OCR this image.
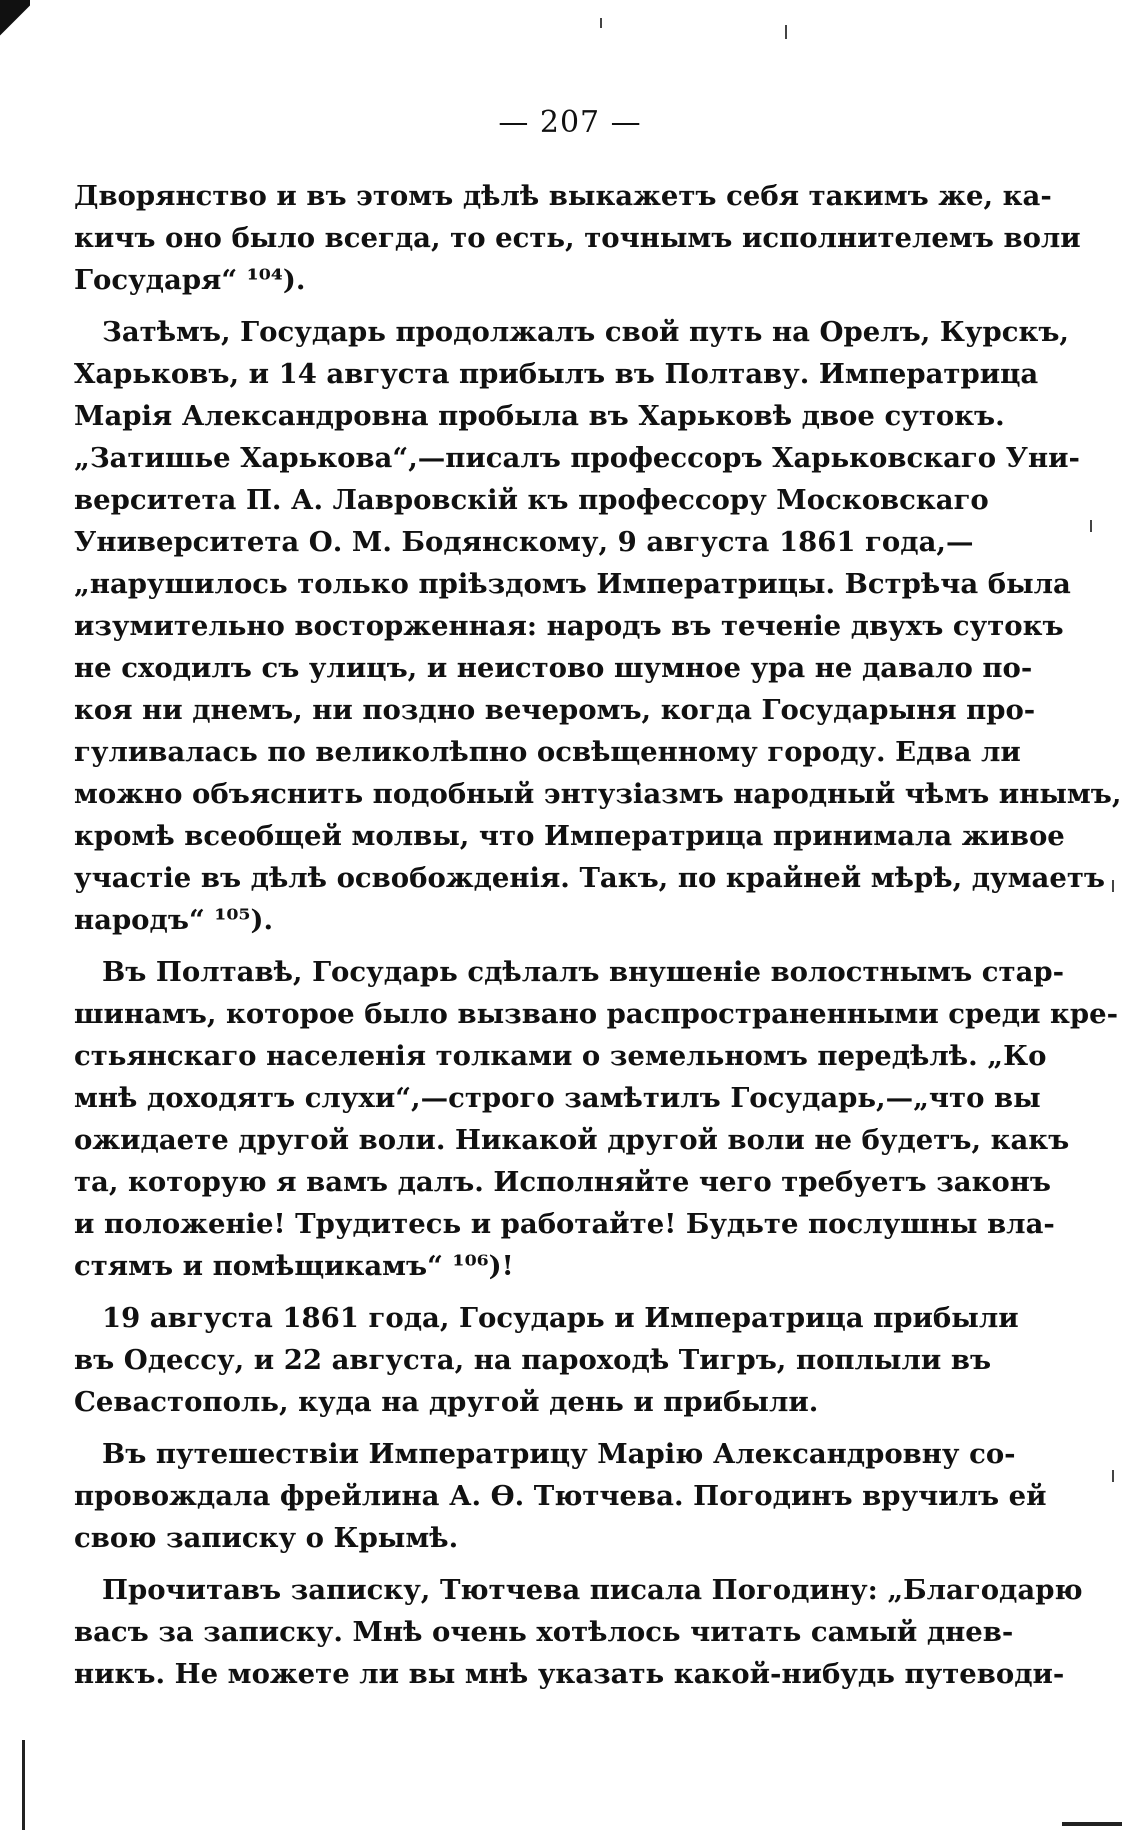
— 207 —
Дворянство и въ этомъ дѣлѣ выкажетъ себя такимъ же, ка-
кичъ оно было всегда, то есть, точнымъ исполнителемъ воли
Государя“ ¹⁰⁴).
Затѣмъ, Государь продолжалъ свой путь на Орелъ, Курскъ,
Харьковъ, и 14 августа прибылъ въ Полтаву. Императрица
Марія Александровна пробыла въ Харьковѣ двое сутокъ.
„Затишье Харькова“,—писалъ профессоръ Харьковскаго Уни-
верситета П. А. Лавровскій къ профессору Московскаго
Университета О. М. Бодянскому, 9 августа 1861 года,—
„нарушилось только пріѣздомъ Императрицы. Встрѣча была
изумительно восторженная: народъ въ теченіе двухъ сутокъ
не сходилъ съ улицъ, и неистово шумное ура не давало по-
коя ни днемъ, ни поздно вечеромъ, когда Государыня про-
гуливалась по великолѣпно освѣщенному городу. Едва ли
можно объяснить подобный энтузіазмъ народный чѣмъ инымъ,
кромѣ всеобщей молвы, что Императрица принимала живое
участіе въ дѣлѣ освобожденія. Такъ, по крайней мѣрѣ, думаетъ
народъ“ ¹⁰⁵).
Въ Полтавѣ, Государь сдѣлалъ внушеніе волостнымъ стар-
шинамъ, которое было вызвано распространенными среди кре-
стьянскаго населенія толками о земельномъ передѣлѣ. „Ко
мнѣ доходятъ слухи“,—строго замѣтилъ Государь,—„что вы
ожидаете другой воли. Никакой другой воли не будетъ, какъ
та, которую я вамъ далъ. Исполняйте чего требуетъ законъ
и положеніе! Трудитесь и работайте! Будьте послушны вла-
стямъ и помѣщикамъ“ ¹⁰⁶)!
19 августа 1861 года, Государь и Императрица прибыли
въ Одессу, и 22 августа, на пароходѣ Тигръ, поплыли въ
Севастополь, куда на другой день и прибыли.
Въ путешествіи Императрицу Марію Александровну со-
провождала фрейлина А. Ѳ. Тютчева. Погодинъ вручилъ ей
свою записку о Крымѣ.
Прочитавъ записку, Тютчева писала Погодину: „Благодарю
васъ за записку. Мнѣ очень хотѣлось читать самый днев-
никъ. Не можете ли вы мнѣ указать какой-нибудь путеводи-
